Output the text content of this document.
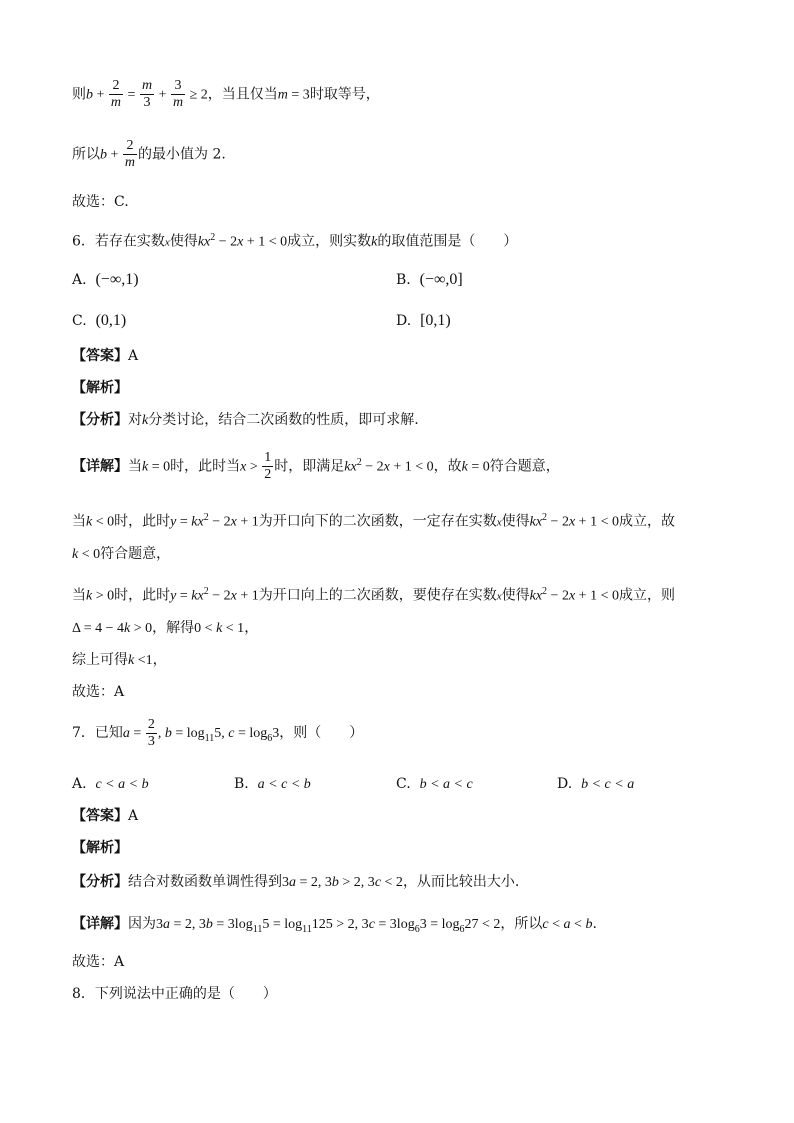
则$b + \frac{2}{m} = \frac{m}{3} + \frac{3}{m} \ge 2$，当且仅当m = 3时取等号，
所以$b + \frac{2}{m}$ 的最小值为 2.
故选：C.
6．若存在实数x使得$kx^2 - 2x + 1 < 0$成立，则实数k的取值范围是（　　）
A. (−∞,1)	B. (−∞,0]
C. (0,1)	D. [0,1)
【答案】A
【解析】
【分析】对k分类讨论，结合二次函数的性质，即可求解.
【详解】当k = 0时，此时当$x > \frac{1}{2}$ 时，即满足$kx^2 - 2x + 1 < 0$，故k = 0符合题意，
当k < 0时，此时$y = kx^2 - 2x + 1$为开口向下的二次函数，一定存在实数x使得$kx^2 - 2x + 1 < 0$成立，故
k < 0符合题意，
当k > 0时，此时$y = kx^2 - 2x + 1$为开口向上的二次函数，要使存在实数x使得$kx^2 - 2x + 1 < 0$成立，则
Δ = 4 − 4k > 0，解得0 < k < 1，
综上可得k <1，
故选：A
7．已知$a = \frac{2}{3}$ , $b = \log_{11}5$, $c = \log_63$，则（　　）
A. c < a < b	B. a < c < b	C. b < a < c	D. b < c < a
【答案】A
【解析】
【分析】结合对数函数单调性得到3a = 2, 3b > 2, 3c < 2，从而比较出大小.
【详解】因为3a = 2, $3b = 3\log_{11}5 = \log_{11}125 > 2$, $3c = 3\log_63 = \log_627 < 2$，所以c < a < b.
故选：A
8．下列说法中正确的是（　　）
